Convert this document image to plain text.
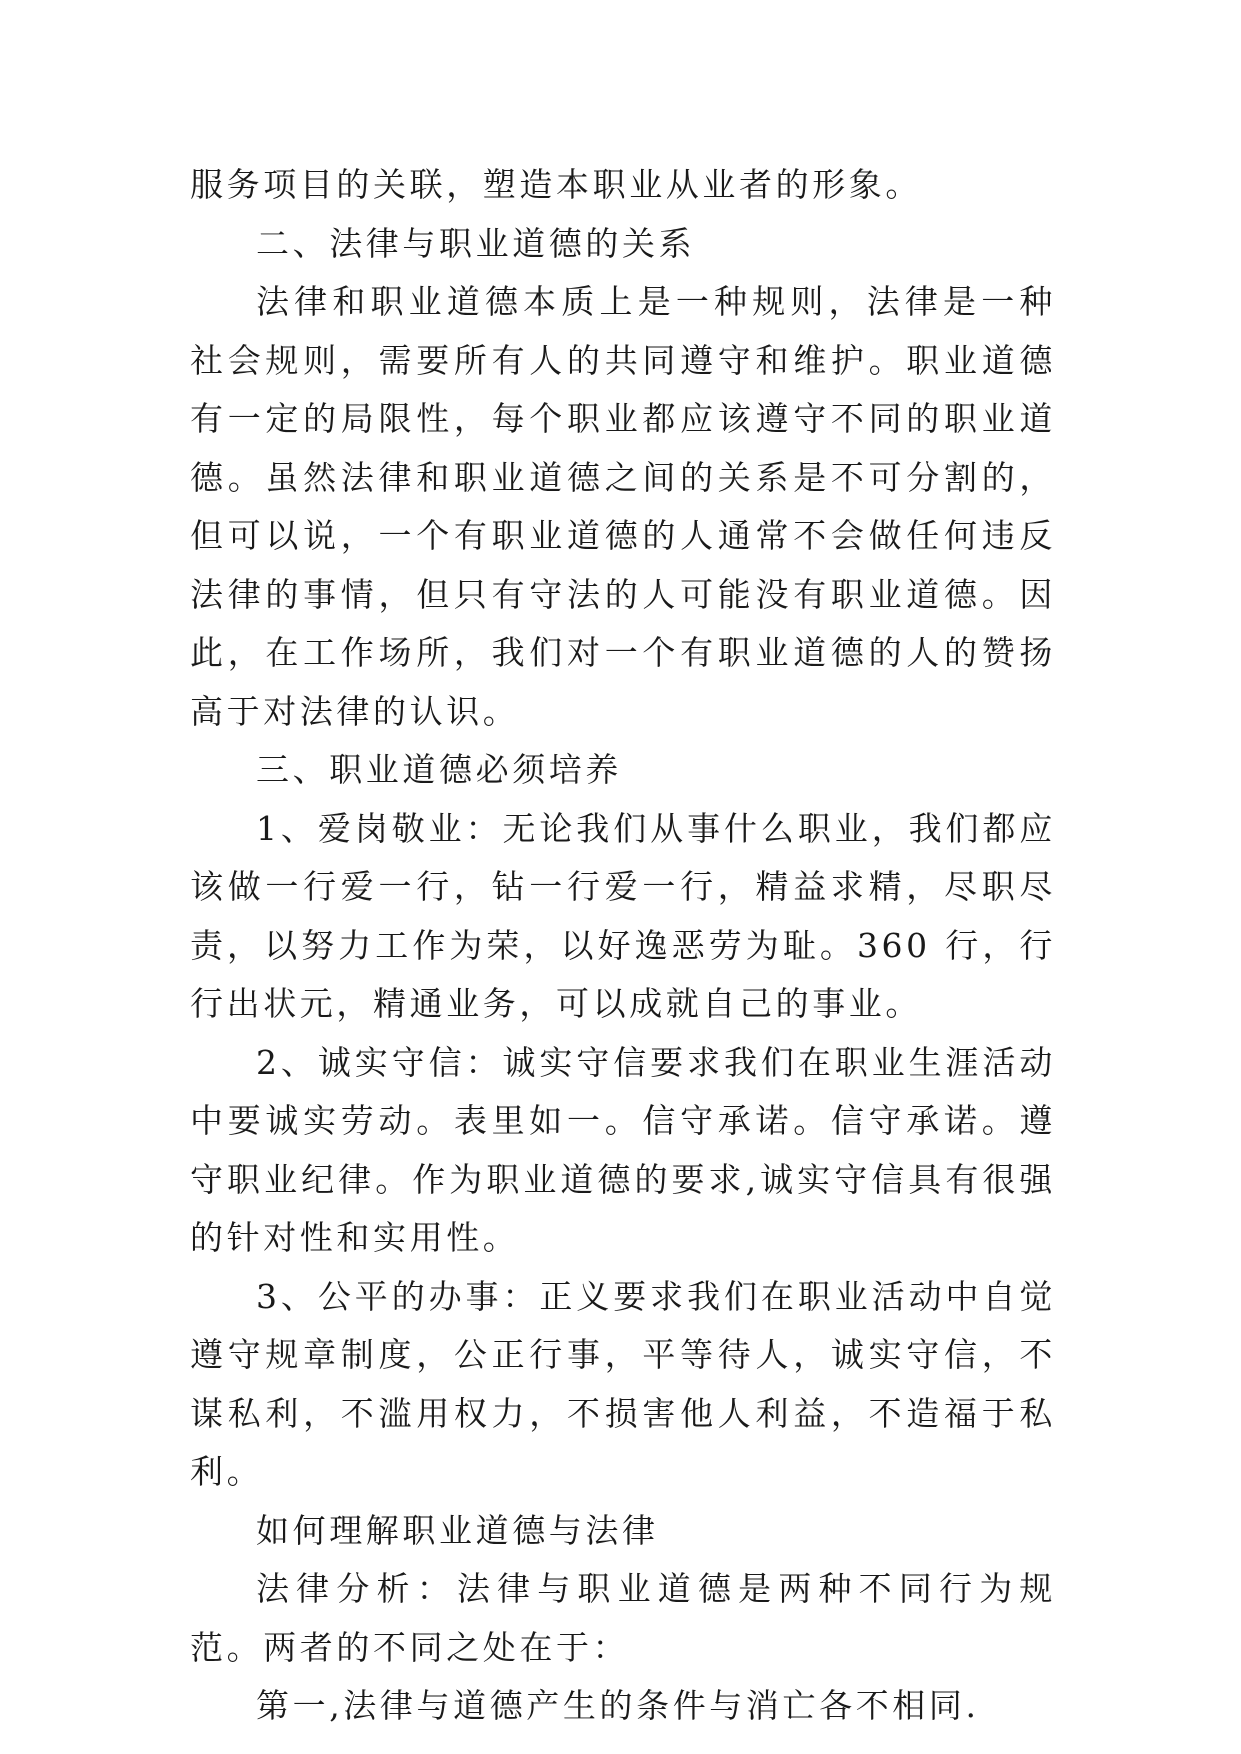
服务项目的关联，塑造本职业从业者的形象。

二、法律与职业道德的关系

法律和职业道德本质上是一种规则，法律是一种社会规则，需要所有人的共同遵守和维护。职业道德有一定的局限性，每个职业都应该遵守不同的职业道德。虽然法律和职业道德之间的关系是不可分割的，但可以说，一个有职业道德的人通常不会做任何违反法律的事情，但只有守法的人可能没有职业道德。因此，在工作场所，我们对一个有职业道德的人的赞扬高于对法律的认识。

三、职业道德必须培养

1、爱岗敬业：无论我们从事什么职业，我们都应该做一行爱一行，钻一行爱一行，精益求精，尽职尽责，以努力工作为荣，以好逸恶劳为耻。360 行，行行出状元，精通业务，可以成就自己的事业。

2、诚实守信：诚实守信要求我们在职业生涯活动中要诚实劳动。表里如一。信守承诺。信守承诺。遵守职业纪律。作为职业道德的要求,诚实守信具有很强的针对性和实用性。

3、公平的办事：正义要求我们在职业活动中自觉遵守规章制度，公正行事，平等待人，诚实守信，不谋私利，不滥用权力，不损害他人利益，不造福于私利。

如何理解职业道德与法律

法律分析：法律与职业道德是两种不同行为规范。两者的不同之处在于：

第一,法律与道德产生的条件与消亡各不相同.
